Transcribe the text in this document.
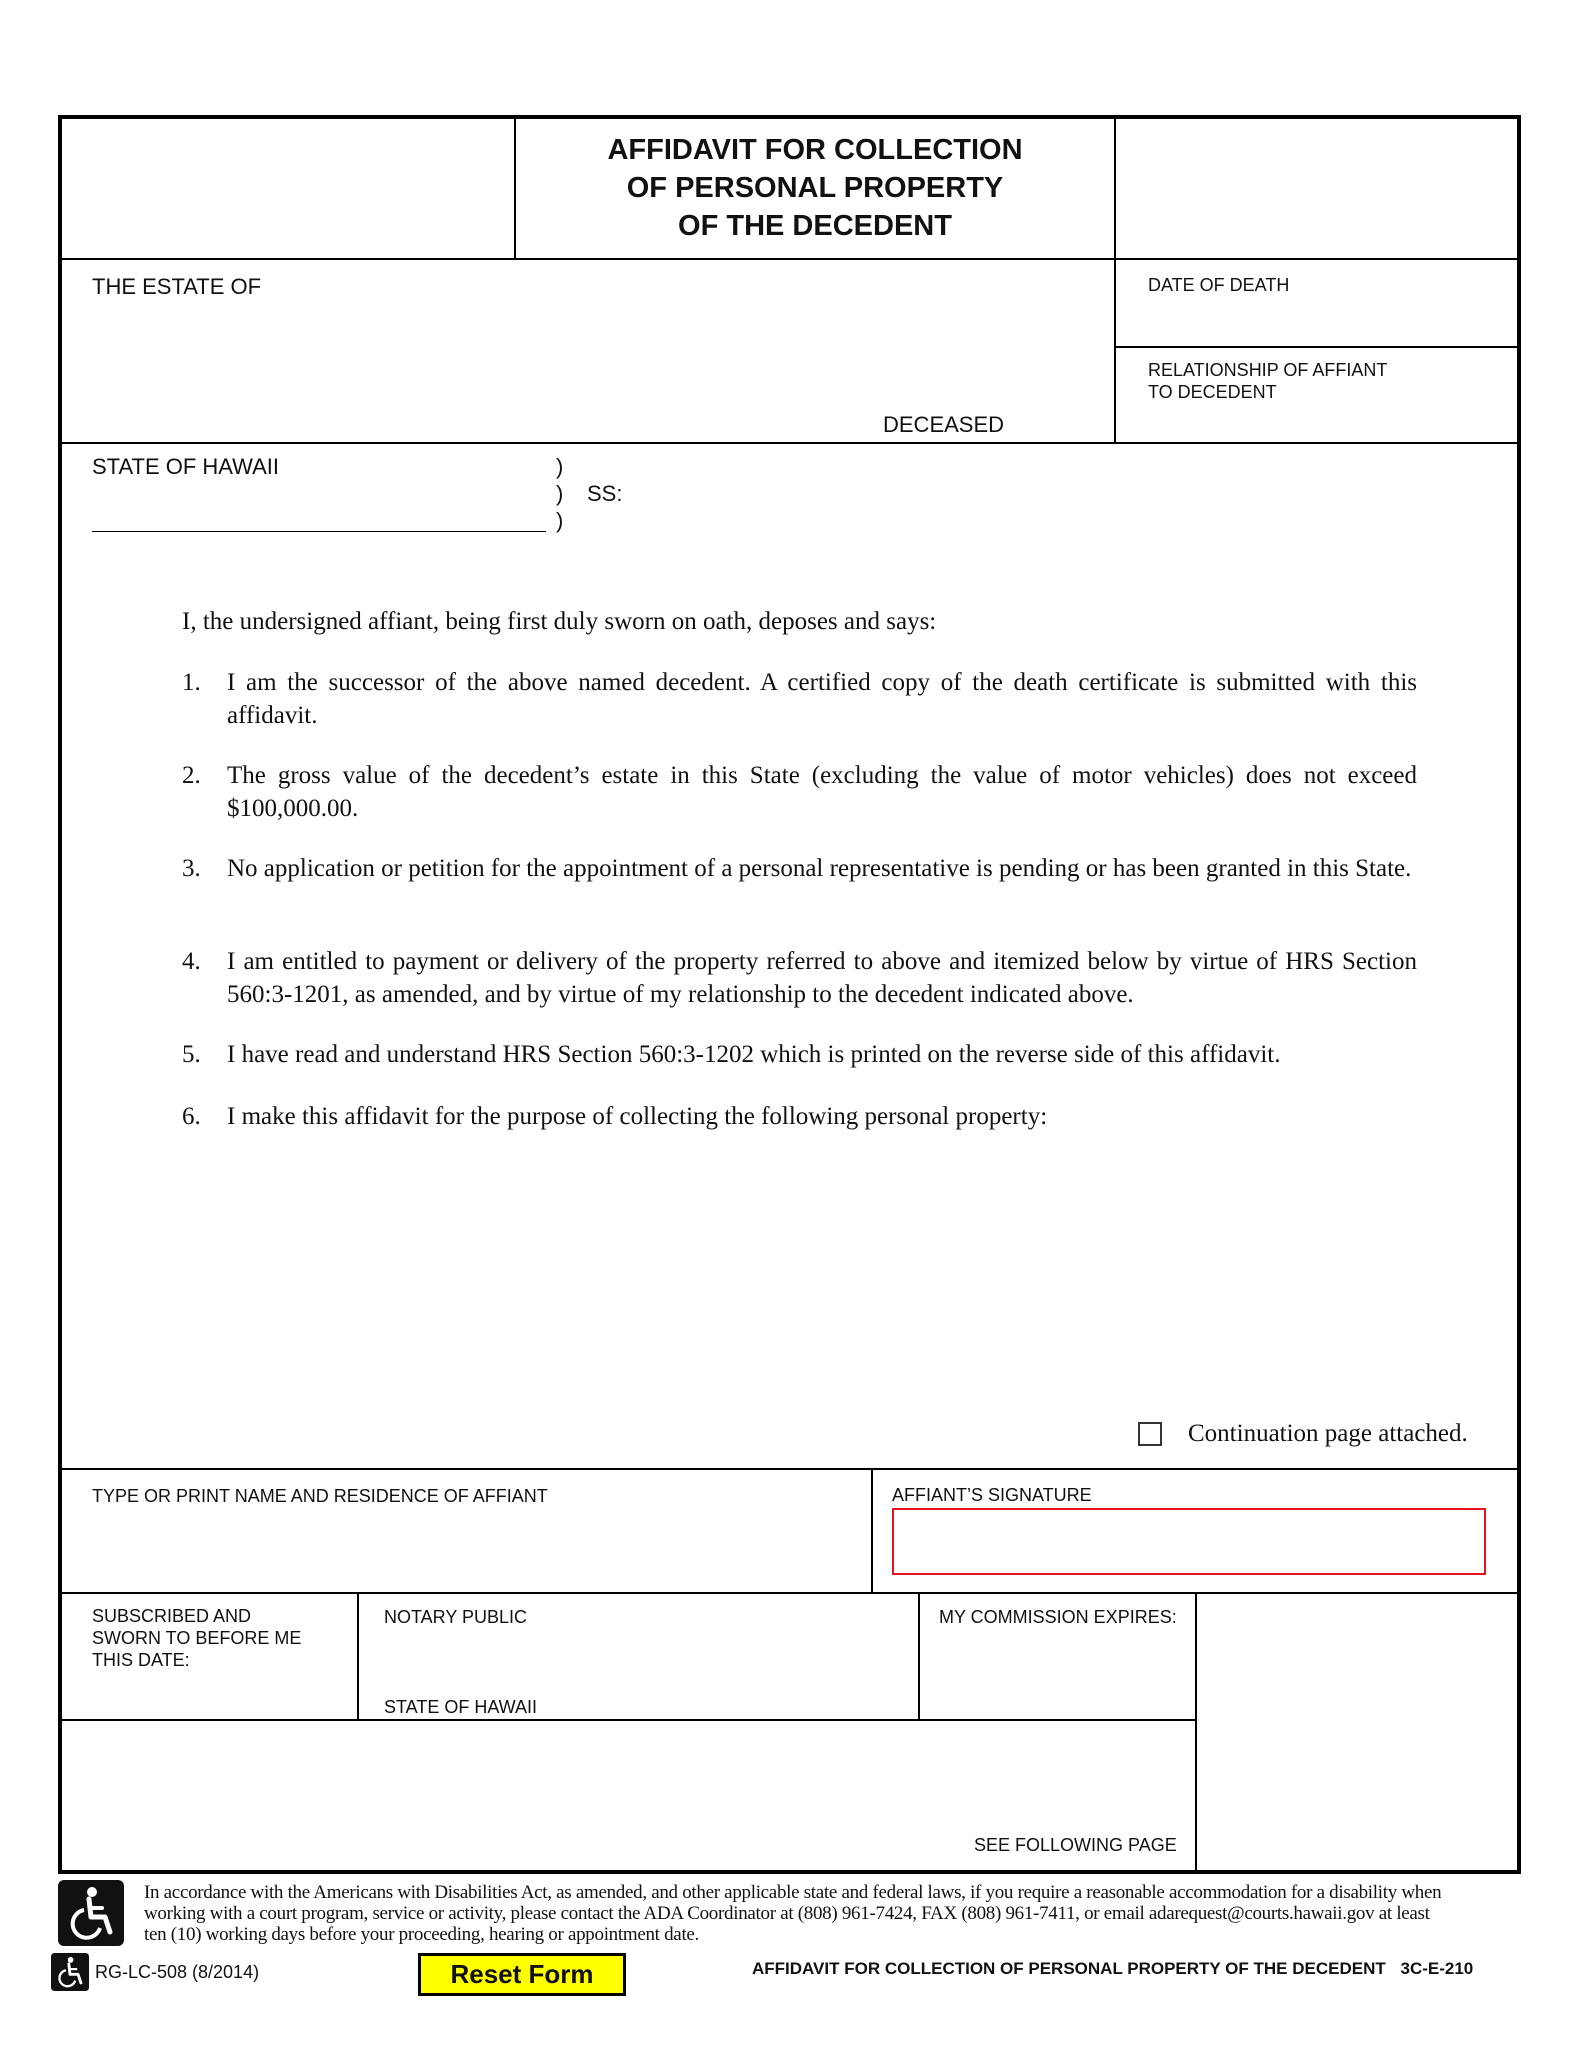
AFFIDAVIT FOR COLLECTION
OF PERSONAL PROPERTY
OF THE DECEDENT
THE ESTATE OF
DECEASED
DATE OF DEATH
RELATIONSHIP OF AFFIANT
TO DECEDENT
STATE OF HAWAII	)
)
)
SS:
I, the undersigned affiant, being first duly sworn on oath, deposes and says:
1.	I am the successor of the above named decedent. A certified copy of the death certificate is submitted with this affidavit.
2.	The gross value of the decedent’s estate in this State (excluding the value of motor vehicles) does not exceed $100,000.00.
3.	No application or petition for the appointment of a personal representative is pending or has been granted in this State.
4.	I am entitled to payment or delivery of the property referred to above and itemized below by virtue of HRS Section 560:3-1201, as amended, and by virtue of my relationship to the decedent indicated above.
5.	I have read and understand HRS Section 560:3-1202 which is printed on the reverse side of this affidavit.
6.	I make this affidavit for the purpose of collecting the following personal property:
Continuation page attached.
TYPE OR PRINT NAME AND RESIDENCE OF AFFIANT	AFFIANT’S SIGNATURE
SUBSCRIBED AND
SWORN TO BEFORE ME
THIS DATE:
NOTARY PUBLIC
STATE OF HAWAII
MY COMMISSION EXPIRES:
SEE FOLLOWING PAGE
In accordance with the Americans with Disabilities Act, as amended, and other applicable state and federal laws, if you require a reasonable accommodation for a disability when
working with a court program, service or activity, please contact the ADA Coordinator at (808) 961-7424, FAX (808) 961-7411, or email adarequest@courts.hawaii.gov at least
ten (10) working days before your proceeding, hearing or appointment date.
RG-LC-508 (8/2014)	Reset Form	AFFIDAVIT FOR COLLECTION OF PERSONAL PROPERTY OF THE DECEDENT 3C-E-210
